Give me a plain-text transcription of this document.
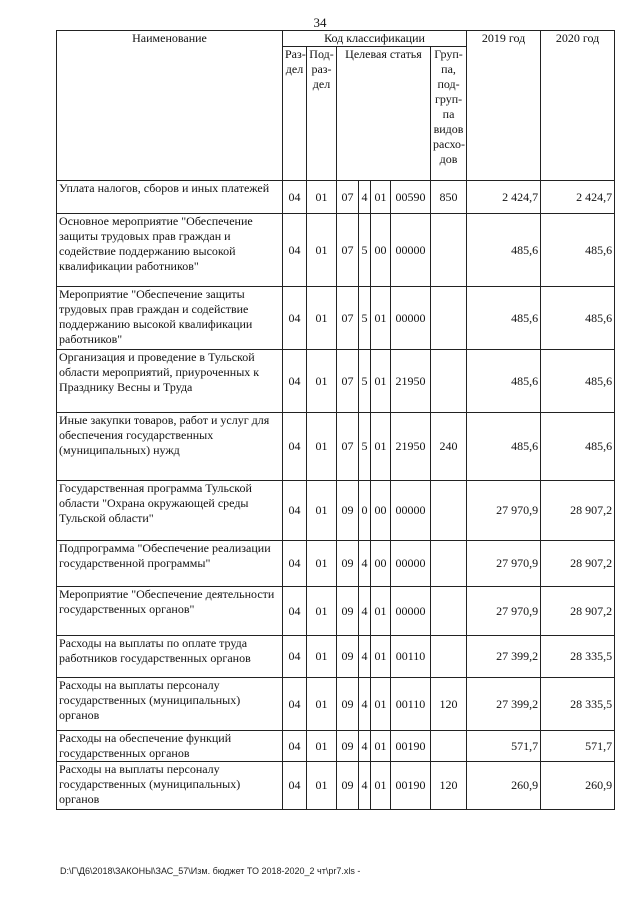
34
Наименование	Код классификации							2019 год	2020 год
	Раз-дел	Под-раз-дел	Целевая статья				Груп-па, под-груп-па видов расхо-дов		
Уплата налогов, сборов и иных платежей	04	01	07	4	01	00590	850	2 424,7	2 424,7
Основное мероприятие "Обеспечение защиты трудовых прав граждан и содействие поддержанию высокой квалификации работников"	04	01	07	5	00	00000		485,6	485,6
Мероприятие "Обеспечение защиты трудовых прав граждан и содействие поддержанию высокой квалификации работников"	04	01	07	5	01	00000		485,6	485,6
Организация и проведение в Тульской области мероприятий, приуроченных к Празднику Весны и Труда	04	01	07	5	01	21950		485,6	485,6
Иные закупки товаров, работ и услуг для обеспечения государственных (муниципальных) нужд	04	01	07	5	01	21950	240	485,6	485,6
Государственная программа Тульской области "Охрана окружающей среды Тульской области"	04	01	09	0	00	00000		27 970,9	28 907,2
Подпрограмма "Обеспечение реализации государственной программы"	04	01	09	4	00	00000		27 970,9	28 907,2
Мероприятие "Обеспечение деятельности государственных органов"	04	01	09	4	01	00000		27 970,9	28 907,2
Расходы на выплаты по оплате труда работников государственных органов	04	01	09	4	01	00110		27 399,2	28 335,5
Расходы на выплаты персоналу государственных (муниципальных) органов	04	01	09	4	01	00110	120	27 399,2	28 335,5
Расходы на обеспечение функций государственных органов	04	01	09	4	01	00190		571,7	571,7
Расходы на выплаты персоналу государственных (муниципальных) органов	04	01	09	4	01	00190	120	260,9	260,9
D:\Г\Д6\2018\ЗАКОНЫ\ЗАС_57\Изм. бюджет ТО 2018-2020_2 чт\рr7.xls -
